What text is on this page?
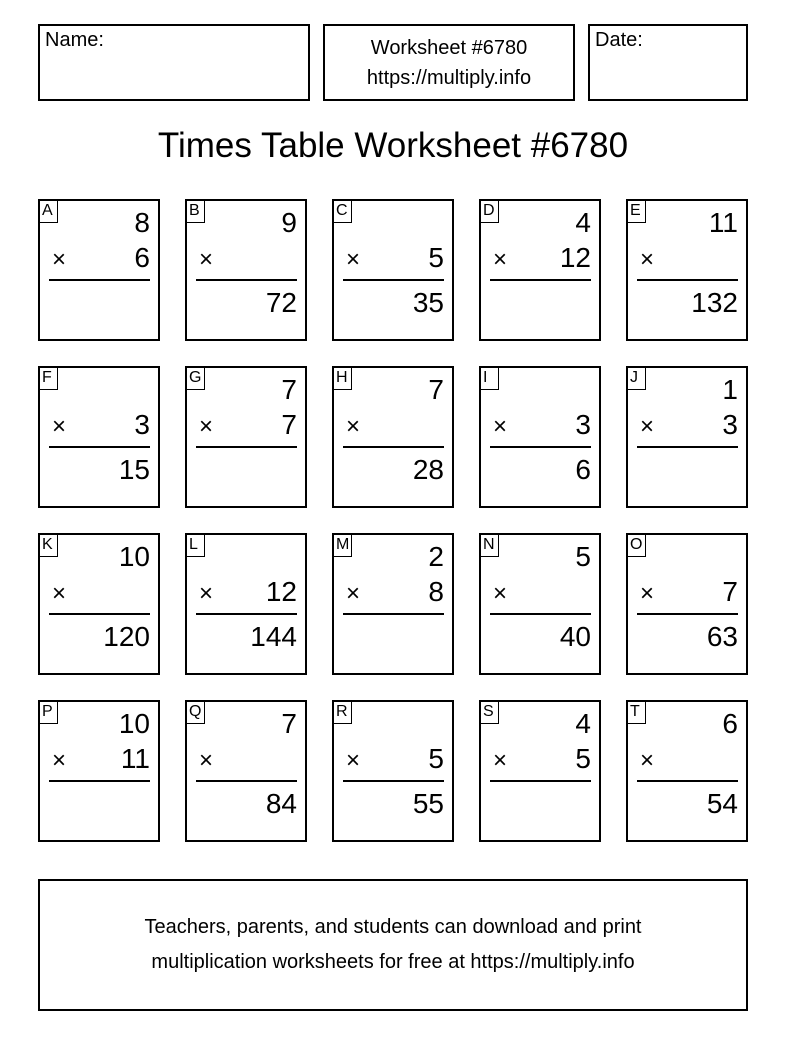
Name:	Worksheet #6780
https://multiply.info
Date:
Times Table Worksheet #6780
A	8
× 6
B	9
×
72
C
× 5
35
D	4
× 12
E 11
×
132
F
× 3
15
G	7
× 7
H	7
×
28
I
× 3
6
J	1
× 3
K 10
×
120
L
× 12
144
M	2
× 8
N	5
×
40
O
× 7
63
P 10
× 11
Q	7
×
84
R
× 5
55
S	4
× 5
T	6
×
54
Teachers, parents, and students can download and print
multiplication worksheets for free at https://multiply.info
